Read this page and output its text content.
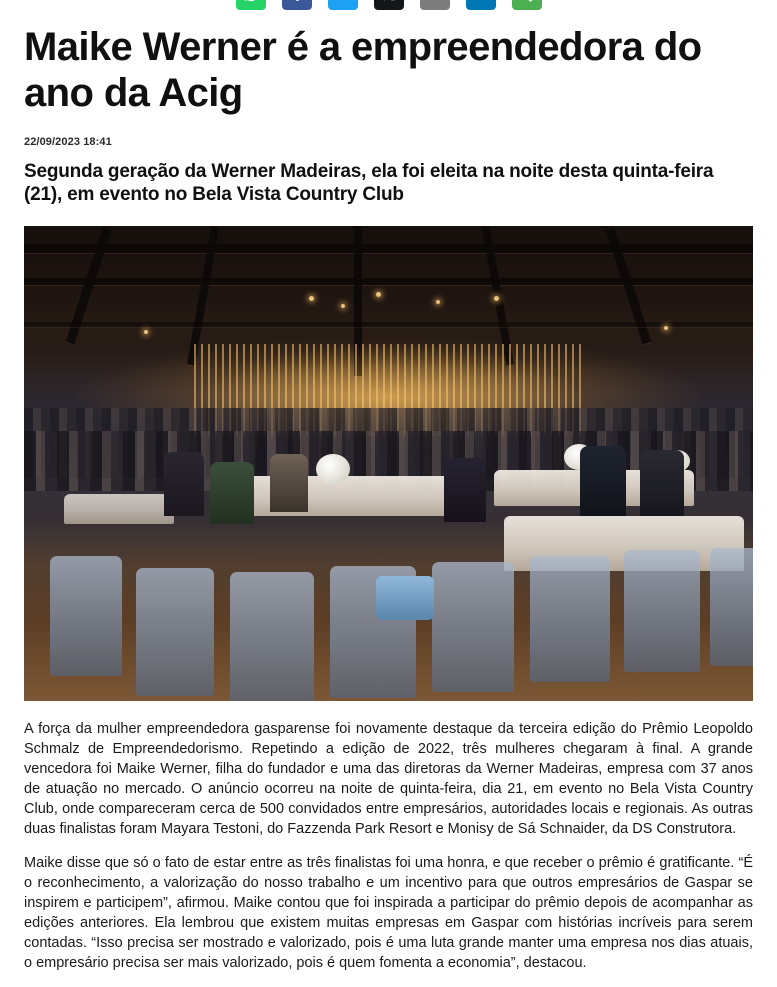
Maike Werner é a empreendedora do ano da Acig
22/09/2023 18:41
Segunda geração da Werner Madeiras, ela foi eleita na noite desta quinta-feira (21), em evento no Bela Vista Country Club

A força da mulher empreendedora gasparense foi novamente destaque da terceira edição do Prêmio Leopoldo Schmalz de Empreendedorismo. Repetindo a edição de 2022, três mulheres chegaram à final. A grande vencedora foi Maike Werner, filha do fundador e uma das diretoras da Werner Madeiras, empresa com 37 anos de atuação no mercado. O anúncio ocorreu na noite de quinta-feira, dia 21, em evento no Bela Vista Country Club, onde compareceram cerca de 500 convidados entre empresários, autoridades locais e regionais. As outras duas finalistas foram Mayara Testoni, do Fazzenda Park Resort e Monisy de Sá Schnaider, da DS Construtora.

Maike disse que só o fato de estar entre as três finalistas foi uma honra, e que receber o prêmio é gratificante. “É o reconhecimento, a valorização do nosso trabalho e um incentivo para que outros empresários de Gaspar se inspirem e participem”, afirmou. Maike contou que foi inspirada a participar do prêmio depois de acompanhar as edições anteriores. Ela lembrou que existem muitas empresas em Gaspar com histórias incríveis para serem contadas. “Isso precisa ser mostrado e valorizado, pois é uma luta grande manter uma empresa nos dias atuais, o empresário precisa ser mais valorizado, pois é quem fomenta a economia”, destacou.
